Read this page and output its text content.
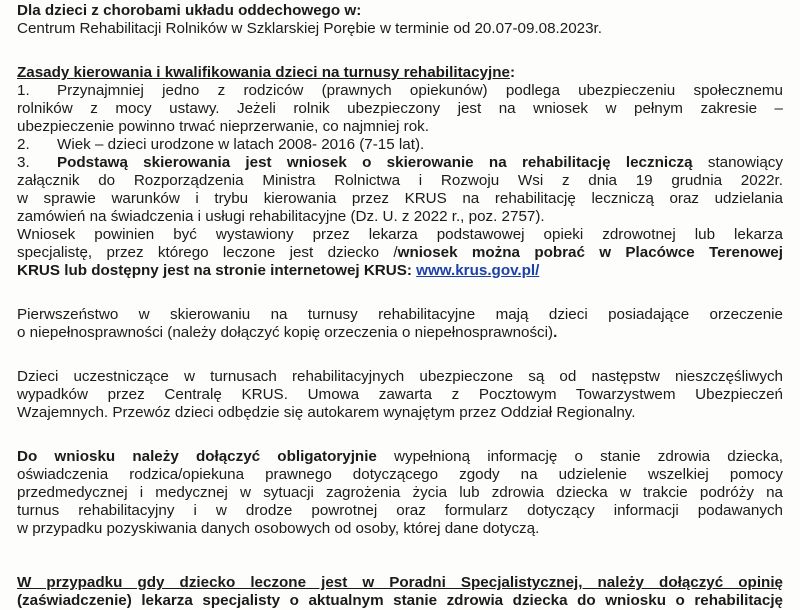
Dla dzieci z chorobami układu oddechowego w:
Centrum Rehabilitacji Rolników w Szklarskiej Porębie w terminie od 20.07-09.08.2023r.
Zasady kierowania i kwalifikowania dzieci na turnusy rehabilitacyjne:
1. Przynajmniej jedno z rodziców (prawnych opiekunów) podlega ubezpieczeniu społecznemu
rolników z mocy ustawy. Jeżeli rolnik ubezpieczony jest na wniosek w pełnym zakresie –
ubezpieczenie powinno trwać nieprzerwanie, co najmniej rok.
2. Wiek – dzieci urodzone w latach 2008- 2016 (7-15 lat).
3. Podstawą skierowania jest wniosek o skierowanie na rehabilitację leczniczą stanowiący
załącznik do Rozporządzenia Ministra Rolnictwa i Rozwoju Wsi z dnia 19 grudnia 2022r.
w sprawie warunków i trybu kierowania przez KRUS na rehabilitację leczniczą oraz udzielania
zamówień na świadczenia i usługi rehabilitacyjne (Dz. U. z 2022 r., poz. 2757).
Wniosek powinien być wystawiony przez lekarza podstawowej opieki zdrowotnej lub lekarza
specjalistę, przez którego leczone jest dziecko /wniosek można pobrać w Placówce Terenowej
KRUS lub dostępny jest na stronie internetowej KRUS: www.krus.gov.pl/
Pierwszeństwo w skierowaniu na turnusy rehabilitacyjne mają dzieci posiadające orzeczenie
o niepełnosprawności (należy dołączyć kopię orzeczenia o niepełnosprawności).
Dzieci uczestniczące w turnusach rehabilitacyjnych ubezpieczone są od następstw nieszczęśliwych
wypadków przez Centralę KRUS. Umowa zawarta z Pocztowym Towarzystwem Ubezpieczeń
Wzajemnych. Przewóz dzieci odbędzie się autokarem wynajętym przez Oddział Regionalny.
Do wniosku należy dołączyć obligatoryjnie wypełnioną informację o stanie zdrowia dziecka,
oświadczenia rodzica/opiekuna prawnego dotyczącego zgody na udzielenie wszelkiej pomocy
przedmedycznej i medycznej w sytuacji zagrożenia życia lub zdrowia dziecka w trakcie podróży na
turnus rehabilitacyjny i w drodze powrotnej oraz formularz dotyczący informacji podawanych
w przypadku pozyskiwania danych osobowych od osoby, której dane dotyczą.
W przypadku gdy dziecko leczone jest w Poradni Specjalistycznej, należy dołączyć opinię
(zaświadczenie) lekarza specjalisty o aktualnym stanie zdrowia dziecka do wniosku o rehabilitację
